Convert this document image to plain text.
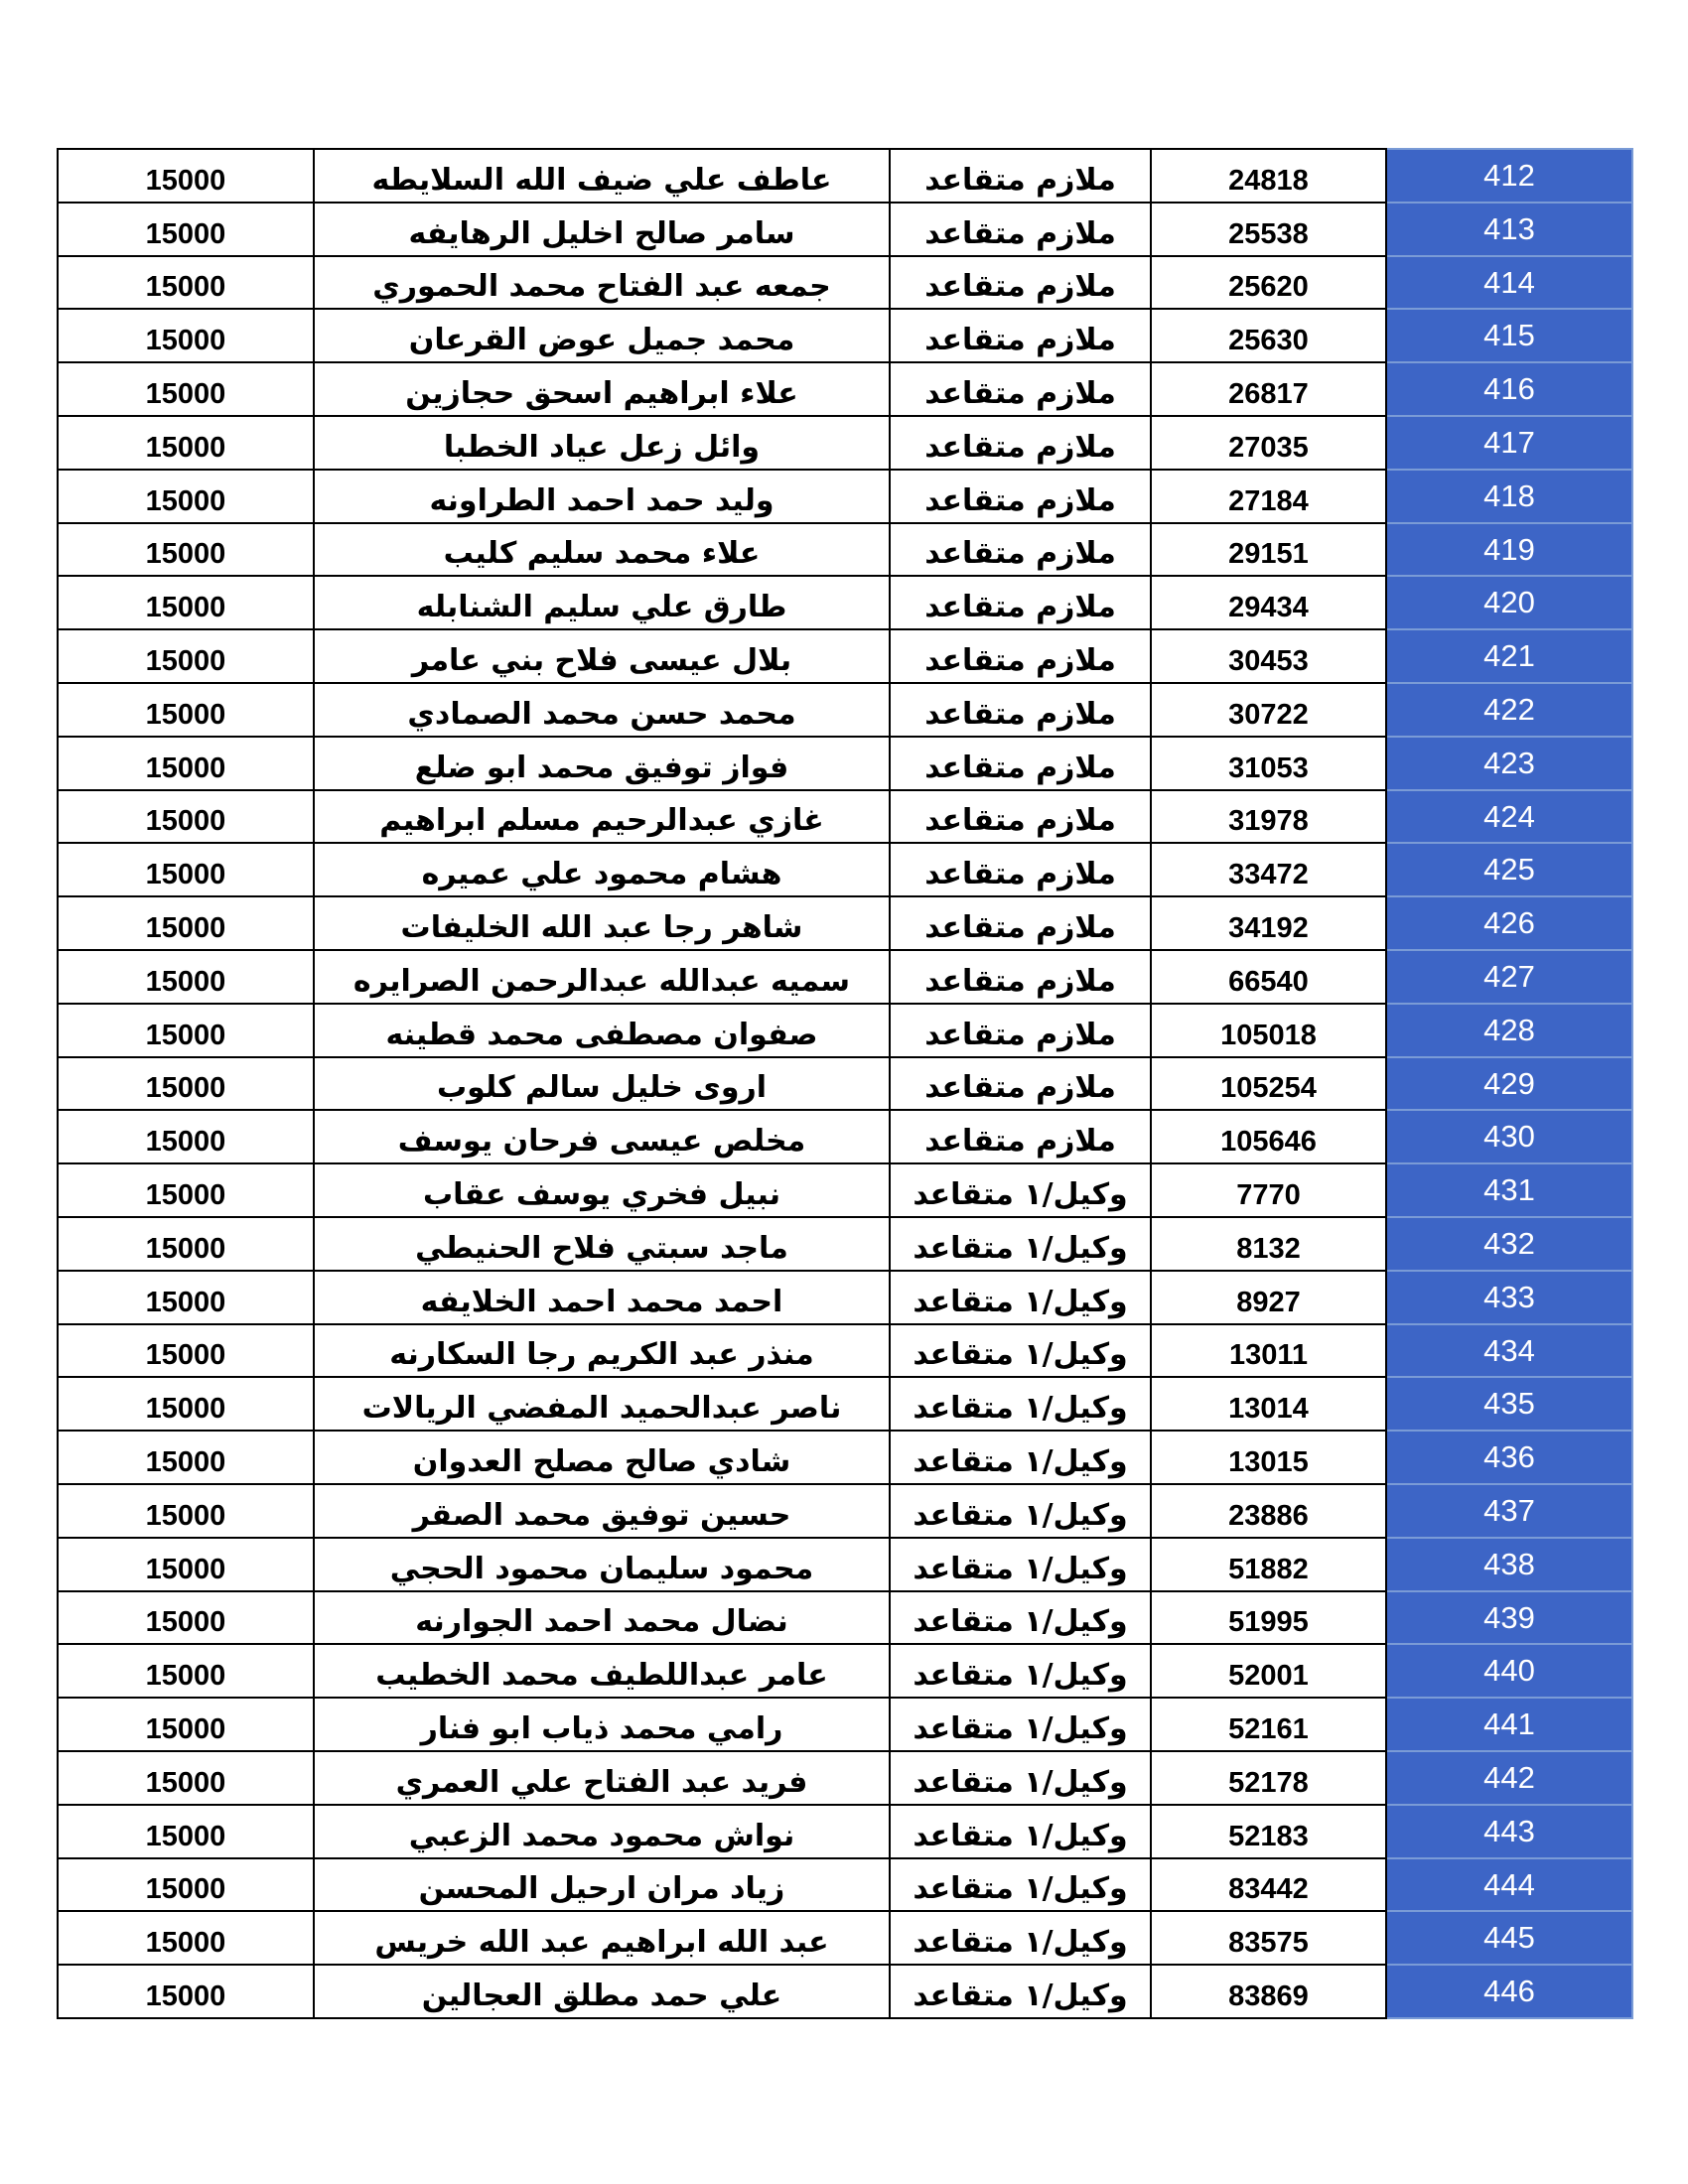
15000	عاطف علي ضيف الله السلايطه	ملازم متقاعد	24818	412

15000	سامر صالح اخليل الرهايفه	ملازم متقاعد	25538	413

15000	جمعه عبد الفتاح محمد الحموري	ملازم متقاعد	25620	414

15000	محمد جميل عوض القرعان	ملازم متقاعد	25630	415

15000	علاء ابراهيم اسحق حجازين	ملازم متقاعد	26817	416

15000	وائل زعل عياد الخطبا	ملازم متقاعد	27035	417

15000	وليد حمد احمد الطراونه	ملازم متقاعد	27184	418

15000	علاء محمد سليم كليب	ملازم متقاعد	29151	419

15000	طارق علي سليم الشنابله	ملازم متقاعد	29434	420

15000	بلال عيسى فلاح بني عامر	ملازم متقاعد	30453	421

15000	محمد حسن محمد الصمادي	ملازم متقاعد	30722	422

15000	فواز توفيق محمد ابو ضلع	ملازم متقاعد	31053	423

15000	غازي عبدالرحيم مسلم ابراهيم	ملازم متقاعد	31978	424

15000	هشام محمود علي عميره	ملازم متقاعد	33472	425

15000	شاهر رجا عبد الله الخليفات	ملازم متقاعد	34192	426

15000	سميه عبدالله عبدالرحمن الصرايره	ملازم متقاعد	66540	427

15000	صفوان مصطفى محمد قطينه	ملازم متقاعد	105018	428

15000	اروى خليل سالم كلوب	ملازم متقاعد	105254	429

15000	مخلص عيسى فرحان يوسف	ملازم متقاعد	105646	430

15000	نبيل فخري يوسف عقاب	وكيل/١ متقاعد	7770	431

15000	ماجد سبتي فلاح الحنيطي	وكيل/١ متقاعد	8132	432

15000	احمد محمد احمد الخلايفه	وكيل/١ متقاعد	8927	433

15000	منذر عبد الكريم رجا السكارنه	وكيل/١ متقاعد	13011	434

15000	ناصر عبدالحميد المفضي الريالات	وكيل/١ متقاعد	13014	435

15000	شادي صالح مصلح العدوان	وكيل/١ متقاعد	13015	436

15000	حسين توفيق محمد الصقر	وكيل/١ متقاعد	23886	437

15000	محمود سليمان محمود الحجي	وكيل/١ متقاعد	51882	438

15000	نضال محمد احمد الجوارنه	وكيل/١ متقاعد	51995	439

15000	عامر عبداللطيف محمد الخطيب	وكيل/١ متقاعد	52001	440

15000	رامي محمد ذياب ابو فنار	وكيل/١ متقاعد	52161	441

15000	فريد عبد الفتاح علي العمري	وكيل/١ متقاعد	52178	442

15000	نواش محمود محمد الزعبي	وكيل/١ متقاعد	52183	443

15000	زياد مران ارحيل المحسن	وكيل/١ متقاعد	83442	444

15000	عبد الله ابراهيم عبد الله خريس	وكيل/١ متقاعد	83575	445

15000	علي حمد مطلق العجالين	وكيل/١ متقاعد	83869	446
